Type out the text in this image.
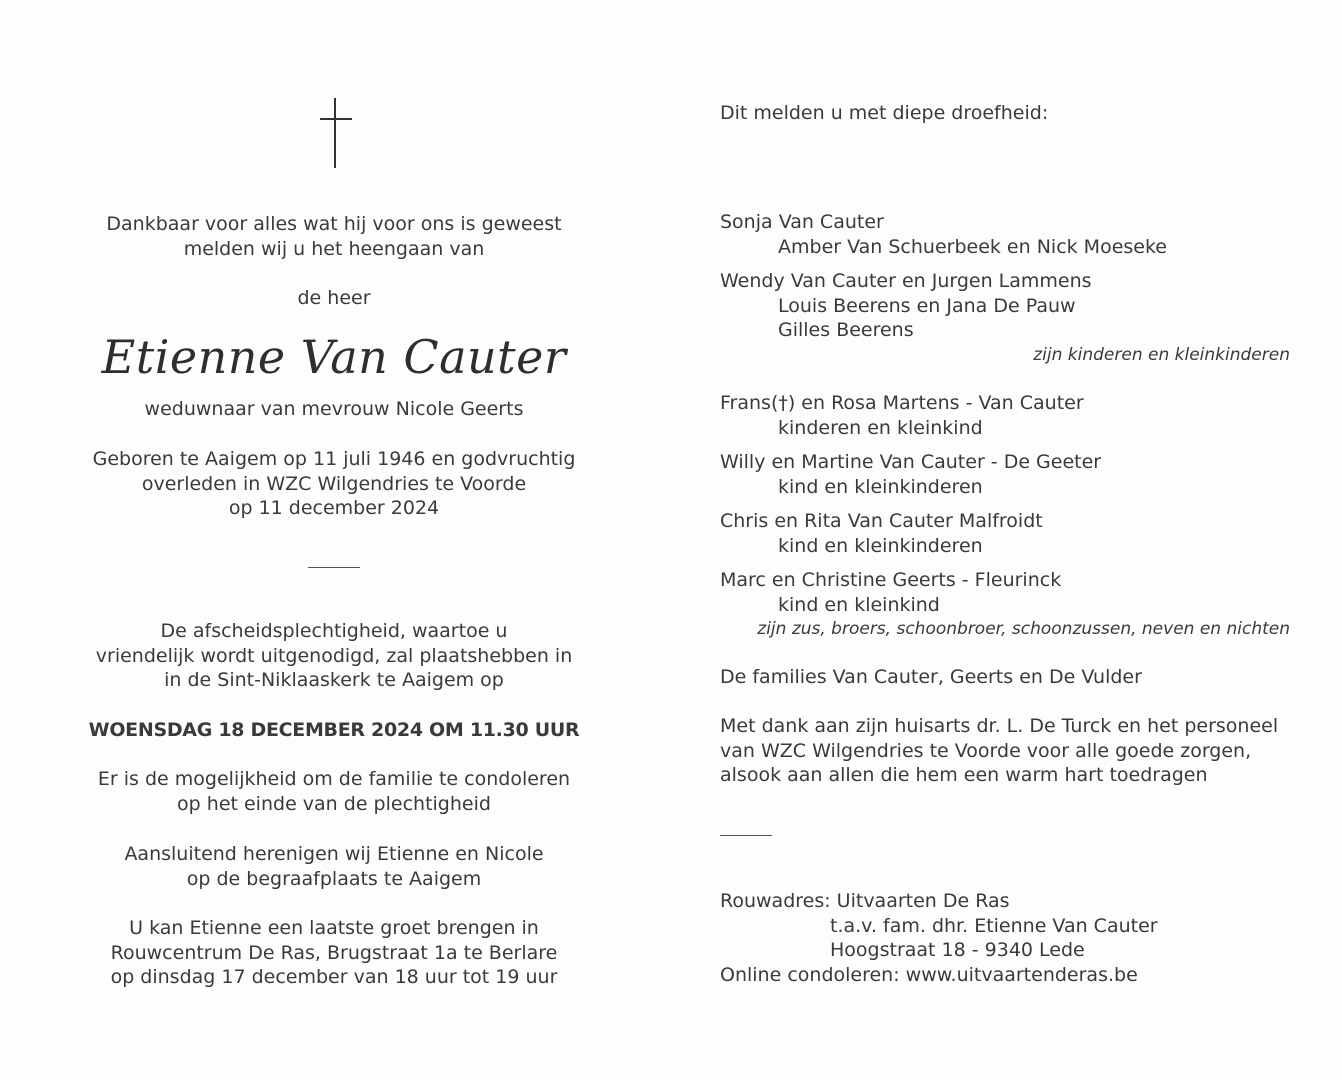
Dankbaar voor alles wat hij voor ons is geweest
melden wij u het heengaan van
de heer
Etienne Van Cauter
weduwnaar van mevrouw Nicole Geerts
Geboren te Aaigem op 11 juli 1946 en godvruchtig
overleden in WZC Wilgendries te Voorde
op 11 december 2024
De afscheidsplechtigheid, waartoe u
vriendelijk wordt uitgenodigd, zal plaatshebben in
in de Sint-Niklaaskerk te Aaigem op
WOENSDAG 18 DECEMBER 2024 OM 11.30 UUR
Er is de mogelijkheid om de familie te condoleren
op het einde van de plechtigheid
Aansluitend herenigen wij Etienne en Nicole
op de begraafplaats te Aaigem
U kan Etienne een laatste groet brengen in
Rouwcentrum De Ras, Brugstraat 1a te Berlare
op dinsdag 17 december van 18 uur tot 19 uur
Dit melden u met diepe droefheid:
Sonja Van Cauter
Amber Van Schuerbeek en Nick Moeseke
Wendy Van Cauter en Jurgen Lammens
Louis Beerens en Jana De Pauw
Gilles Beerens
zijn kinderen en kleinkinderen
Frans(†) en Rosa Martens - Van Cauter
kinderen en kleinkind
Willy en Martine Van Cauter - De Geeter
kind en kleinkinderen
Chris en Rita Van Cauter Malfroidt
kind en kleinkinderen
Marc en Christine Geerts - Fleurinck
kind en kleinkind
zijn zus, broers, schoonbroer, schoonzussen, neven en nichten
De families Van Cauter, Geerts en De Vulder
Met dank aan zijn huisarts dr. L. De Turck en het personeel
van WZC Wilgendries te Voorde voor alle goede zorgen,
alsook aan allen die hem een warm hart toedragen
Rouwadres: Uitvaarten De Ras
t.a.v. fam. dhr. Etienne Van Cauter
Hoogstraat 18 - 9340 Lede
Online condoleren: www.uitvaartenderas.be
